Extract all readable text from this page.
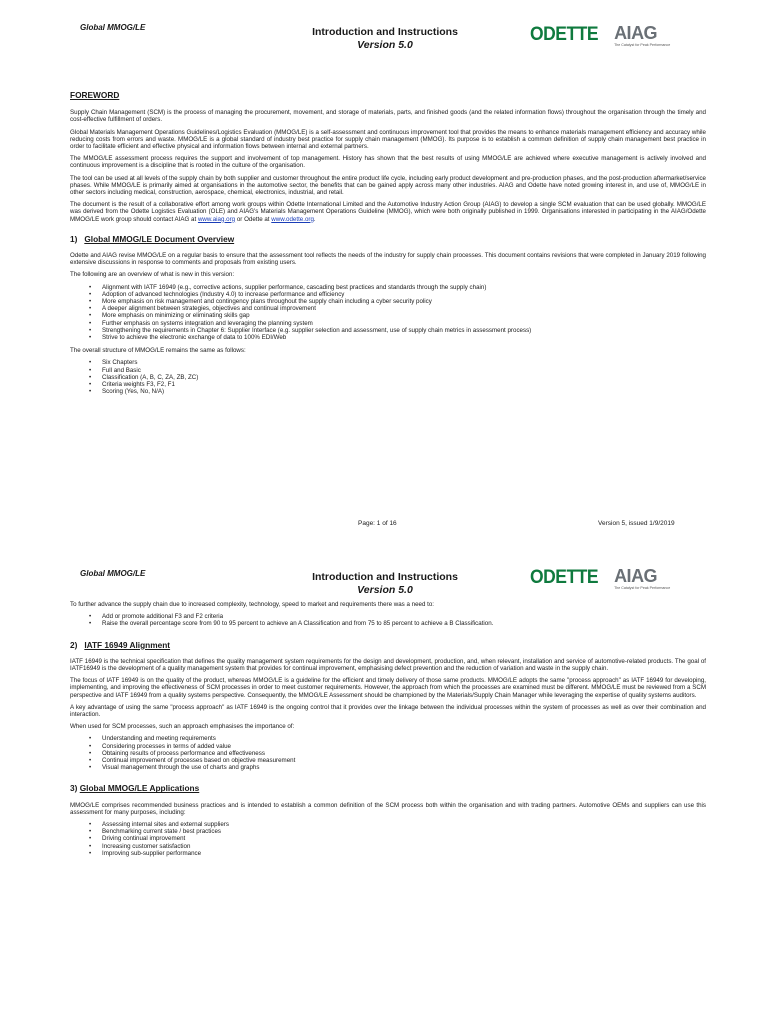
Global MMOG/LE	Introduction and Instructions
Version 5.0	ODETTE AIAG
The Catalyst for Peak Performance
FOREWORD

Supply Chain Management (SCM) is the process of managing the procurement, movement, and storage of materials, parts, and finished goods (and the related information flows) throughout the organisation through the timely and cost-effective fulfillment of orders.

Global Materials Management Operations Guidelines/Logistics Evaluation (MMOG/LE) is a self-assessment and continuous improvement tool that provides the means to enhance materials management efficiency and accuracy while reducing costs from errors and waste. MMOG/LE is a global standard of industry best practice for supply chain management (MMOG). Its purpose is to establish a common definition of supply chain management best practice in order to facilitate efficient and effective physical and information flows between internal and external partners.

The MMOG/LE assessment process requires the support and involvement of top management. History has shown that the best results of using MMOG/LE are achieved where executive management is actively involved and continuous improvement is a discipline that is rooted in the culture of the organisation.

The tool can be used at all levels of the supply chain by both supplier and customer throughout the entire product life cycle, including early product development and pre-production phases, and the post-production aftermarket/service phases. While MMOG/LE is primarily aimed at organisations in the automotive sector, the benefits that can be gained apply across many other industries. AIAG and Odette have noted growing interest in, and use of, MMOG/LE in other sectors including medical, construction, aerospace, chemical, electronics, industrial, and retail.

The document is the result of a collaborative effort among work groups within Odette International Limited and the Automotive Industry Action Group (AIAG) to develop a single SCM evaluation that can be used globally. MMOG/LE was derived from the Odette Logistics Evaluation (OLE) and AIAG's Materials Management Operations Guideline (MMOG), which were both originally published in 1999. Organisations interested in participating in the AIAG/Odette MMOG/LE work group should contact AIAG at www.aiag.org or Odette at www.odette.org.

1) Global MMOG/LE Document Overview

Odette and AIAG revise MMOG/LE on a regular basis to ensure that the assessment tool reflects the needs of the industry for supply chain processes. This document contains revisions that were completed in January 2019 following extensive discussions in response to comments and proposals from existing users.

The following are an overview of what is new in this version:

• Alignment with IATF 16949 (e.g., corrective actions, supplier performance, cascading best practices and standards through the supply chain)
• Adoption of advanced technologies (Industry 4.0) to increase performance and efficiency
• More emphasis on risk management and contingency plans throughout the supply chain including a cyber security policy
• A deeper alignment between strategies, objectives and continual improvement
• More emphasis on minimizing or eliminating skills gap
• Further emphasis on systems integration and leveraging the planning system
• Strengthening the requirements in Chapter 6: Supplier Interface (e.g. supplier selection and assessment, use of supply chain metrics in assessment process)
• Strive to achieve the electronic exchange of data to 100% EDI/Web

The overall structure of MMOG/LE remains the same as follows:

• Six Chapters
• Full and Basic
• Classification (A, B, C, ZA, ZB, ZC)
• Criteria weights F3, F2, F1
• Scoring (Yes, No, N/A)
Page: 1 of 16	Version 5, issued 1/9/2019
Global MMOG/LE	Introduction and Instructions
Version 5.0
ODETTE AIAG
The Catalyst for Peak Performance

To further advance the supply chain due to increased complexity, technology, speed to market and requirements there was a need to:

• Add or promote additional F3 and F2 criteria
• Raise the overall percentage score from 90 to 95 percent to achieve an A Classification and from 75 to 85 percent to achieve a B Classification.
2) IATF 16949 Alignment

IATF 16949 is the technical specification that defines the quality management system requirements for the design and development, production, and, when relevant, installation and service of automotive-related products. The goal of IATF16949 is the development of a quality management system that provides for continual improvement, emphasising defect prevention and the reduction of variation and waste in the supply chain.

The focus of IATF 16949 is on the quality of the product, whereas MMOG/LE is a guideline for the efficient and timely delivery of those same products. MMOG/LE adopts the same "process approach" as IATF 16949 for developing, implementing, and improving the effectiveness of SCM processes in order to meet customer requirements. However, the approach from which the processes are examined must be different. MMOG/LE must be reviewed from a SCM perspective and IATF 16949 from a quality systems perspective. Consequently, the MMOG/LE Assessment should be championed by the Materials/Supply Chain Manager while leveraging the expertise of quality systems auditors.

A key advantage of using the same "process approach" as IATF 16949 is the ongoing control that it provides over the linkage between the individual processes within the system of processes as well as over their combination and interaction.

When used for SCM processes, such an approach emphasises the importance of:

• Understanding and meeting requirements
• Considering processes in terms of added value
• Obtaining results of process performance and effectiveness
• Continual improvement of processes based on objective measurement
• Visual management through the use of charts and graphs
3) Global MMOG/LE Applications

MMOG/LE comprises recommended business practices and is intended to establish a common definition of the SCM process both within the organisation and with trading partners. Automotive OEMs and suppliers can use this assessment for many purposes, including:

• Assessing internal sites and external suppliers
• Benchmarking current state / best practices
• Driving continual improvement
• Increasing customer satisfaction
• Improving sub-supplier performance
